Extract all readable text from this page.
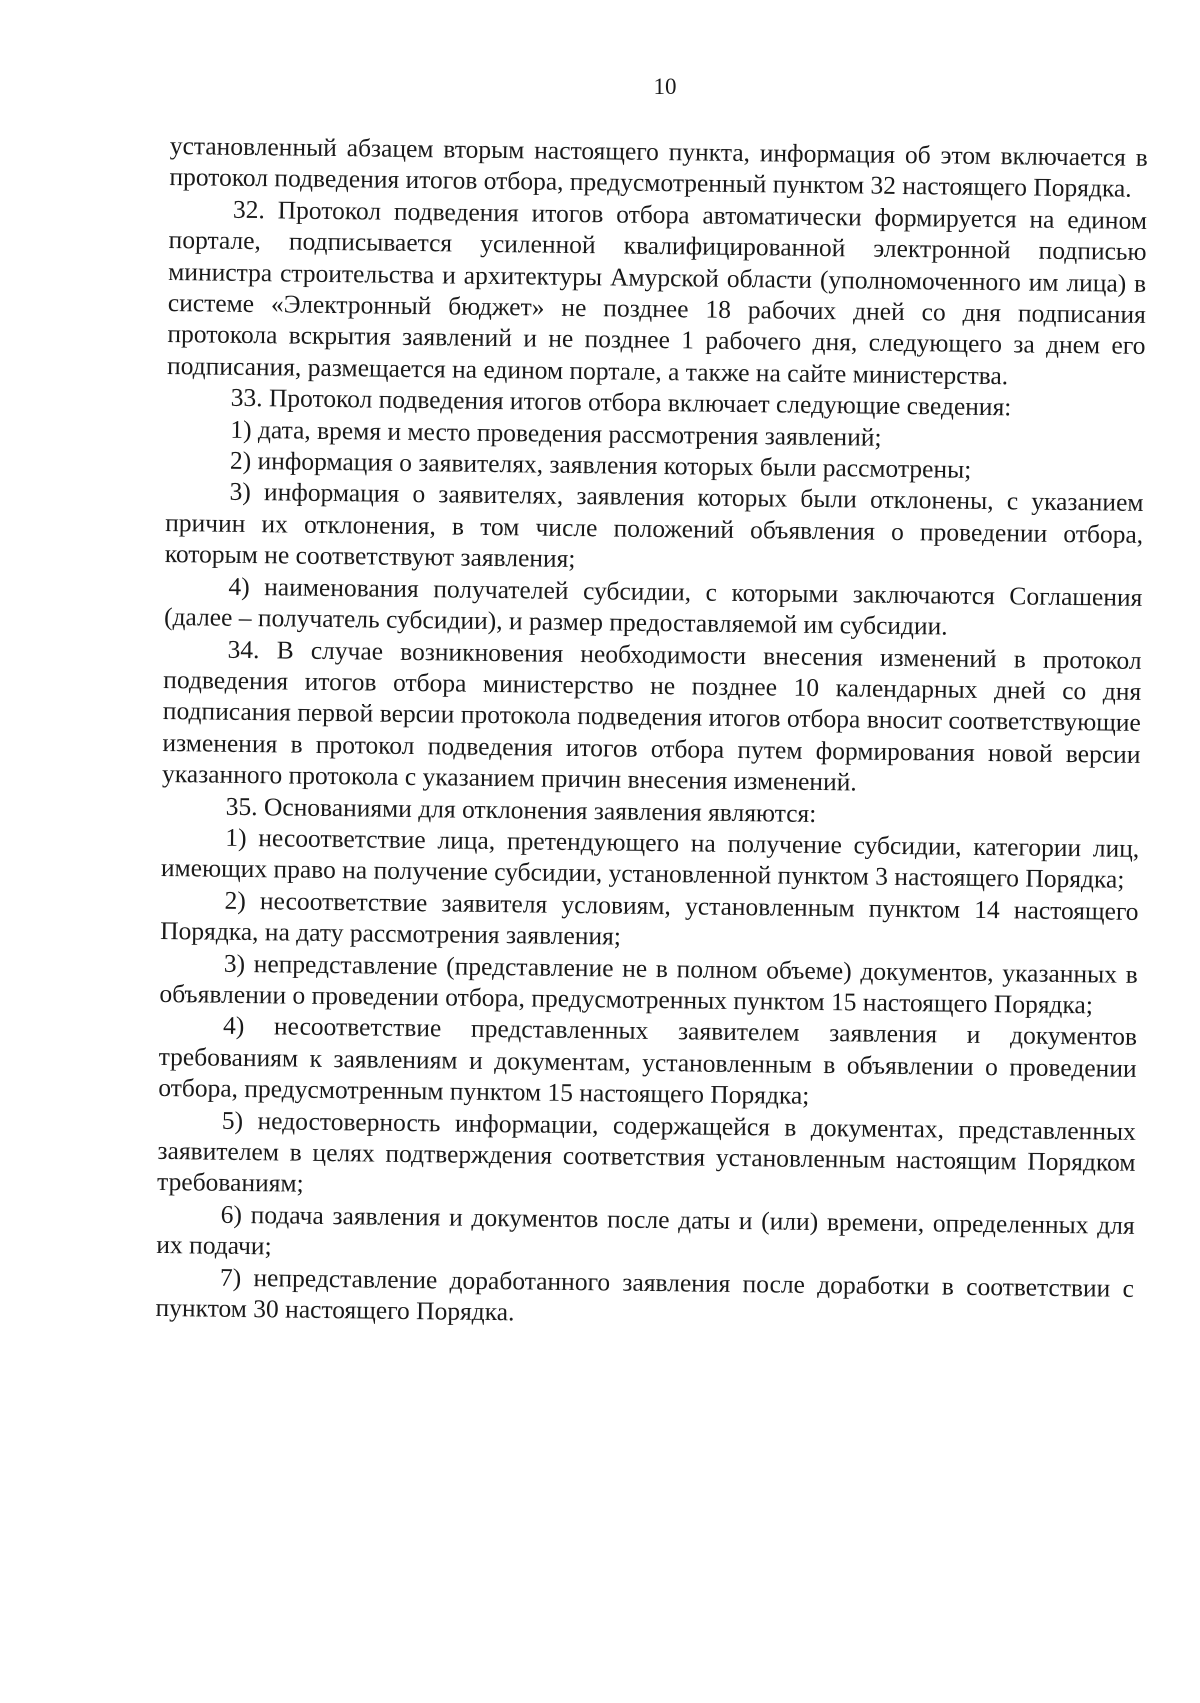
10

установленный абзацем вторым настоящего пункта, информация об этом включается в протокол подведения итогов отбора, предусмотренный пунктом 32 настоящего Порядка.

32. Протокол подведения итогов отбора автоматически формируется на едином портале, подписывается усиленной квалифицированной электронной подписью министра строительства и архитектуры Амурской области (уполномоченного им лица) в системе «Электронный бюджет» не позднее 18 рабочих дней со дня подписания протокола вскрытия заявлений и не позднее 1 рабочего дня, следующего за днем его подписания, размещается на едином портале, а также на сайте министерства.

33. Протокол подведения итогов отбора включает следующие сведения:

1) дата, время и место проведения рассмотрения заявлений;

2) информация о заявителях, заявления которых были рассмотрены;

3) информация о заявителях, заявления которых были отклонены, с указанием причин их отклонения, в том числе положений объявления о проведении отбора, которым не соответствуют заявления;

4) наименования получателей субсидии, с которыми заключаются Соглашения (далее – получатель субсидии), и размер предоставляемой им субсидии.

34. В случае возникновения необходимости внесения изменений в протокол подведения итогов отбора министерство не позднее 10 календарных дней со дня подписания первой версии протокола подведения итогов отбора вносит соответствующие изменения в протокол подведения итогов отбора путем формирования новой версии указанного протокола с указанием причин внесения изменений.

35. Основаниями для отклонения заявления являются:

1) несоответствие лица, претендующего на получение субсидии, категории лиц, имеющих право на получение субсидии, установленной пунктом 3 настоящего Порядка;

2) несоответствие заявителя условиям, установленным пунктом 14 настоящего Порядка, на дату рассмотрения заявления;

3) непредставление (представление не в полном объеме) документов, указанных в объявлении о проведении отбора, предусмотренных пунктом 15 настоящего Порядка;

4) несоответствие представленных заявителем заявления и документов требованиям к заявлениям и документам, установленным в объявлении о проведении отбора, предусмотренным пунктом 15 настоящего Порядка;

5) недостоверность информации, содержащейся в документах, представленных заявителем в целях подтверждения соответствия установленным настоящим Порядком требованиям;

6) подача заявления и документов после даты и (или) времени, определенных для их подачи;

7) непредставление доработанного заявления после доработки в соответствии с пунктом 30 настоящего Порядка.
